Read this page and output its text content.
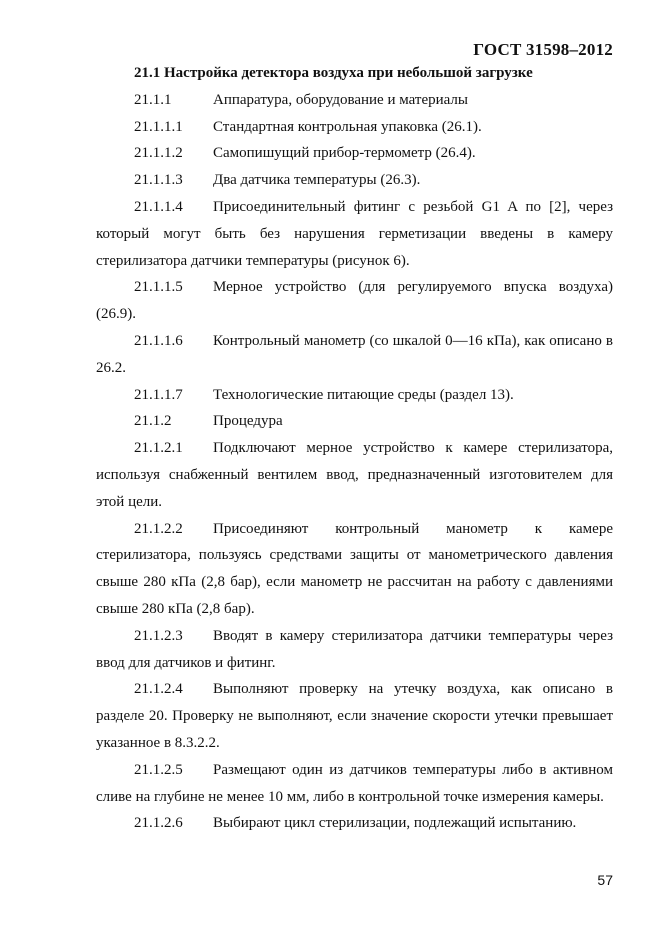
ГОСТ 31598–2012

21.1 Настройка детектора воздуха при небольшой загрузке

21.1.1	Аппаратура, оборудование и материалы

21.1.1.1 Стандартная контрольная упаковка (26.1).

21.1.1.2 Самопишущий прибор-термометр (26.4).

21.1.1.3 Два датчика температуры (26.3).

21.1.1.4 Присоединительный фитинг с резьбой G1 A по [2], через который могут быть без нарушения герметизации введены в камеру стерилизатора датчики температуры (рисунок 6).

21.1.1.5 Мерное устройство (для регулируемого впуска воздуха) (26.9).

21.1.1.6 Контрольный манометр (со шкалой 0—16 кПа), как описано в 26.2.

21.1.1.7 Технологические питающие среды (раздел 13).

21.1.2	Процедура

21.1.2.1 Подключают мерное устройство к камере стерилизатора, используя снабженный вентилем ввод, предназначенный изготовителем для этой цели.

21.1.2.2 Присоединяют контрольный манометр к камере стерилизатора, пользуясь средствами защиты от манометрического давления свыше 280 кПа (2,8 бар), если манометр не рассчитан на работу с давлениями свыше 280 кПа (2,8 бар).

21.1.2.3 Вводят в камеру стерилизатора датчики температуры через ввод для датчиков и фитинг.

21.1.2.4 Выполняют проверку на утечку воздуха, как описано в разделе 20. Проверку не выполняют, если значение скорости утечки превышает указанное в 8.3.2.2.

21.1.2.5 Размещают один из датчиков температуры либо в активном сливе на глубине не менее 10 мм, либо в контрольной точке измерения камеры.

21.1.2.6 Выбирают цикл стерилизации, подлежащий испытанию.

57
